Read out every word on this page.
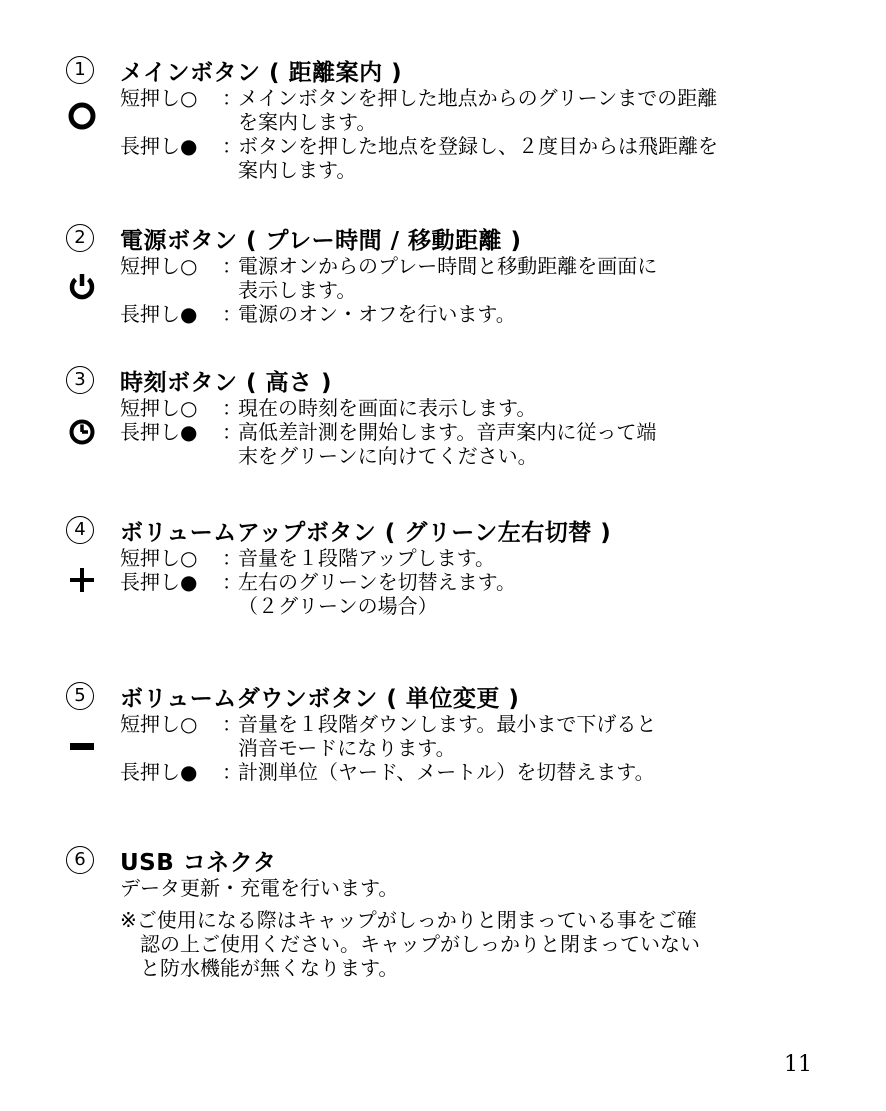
1	メインボタン ( 距離案内 )
短押し○ ：
メインボタンを押した地点からのグリーンまでの距離
を案内します。
長押し● ：
ボタンを押した地点を登録し、２度目からは飛距離を
案内します。
2	電源ボタン ( プレー時間 / 移動距離 )
短押し○ ：
電源オンからのプレー時間と移動距離を画面に
表示します。
長押し● ：
電源のオン・オフを行います。
3	時刻ボタン ( 高さ )
短押し○ ：
現在の時刻を画面に表示します。
長押し● ：
高低差計測を開始します。音声案内に従って端
末をグリーンに向けてください。
4	ボリュームアップボタン ( グリーン左右切替 )
短押し○ ：
音量を１段階アップします。
長押し● ：
左右のグリーンを切替えます。
（２グリーンの場合）
5	ボリュームダウンボタン ( 単位変更 )
短押し○ ：
音量を１段階ダウンします。最小まで下げると
消音モードになります。
長押し● ：
計測単位（ヤード、メートル）を切替えます。
6	USB コネクタ
データ更新・充電を行います。
※ご使用になる際はキャップがしっかりと閉まっている事をご確
　認の上ご使用ください。キャップがしっかりと閉まっていない
　と防水機能が無くなります。
11
